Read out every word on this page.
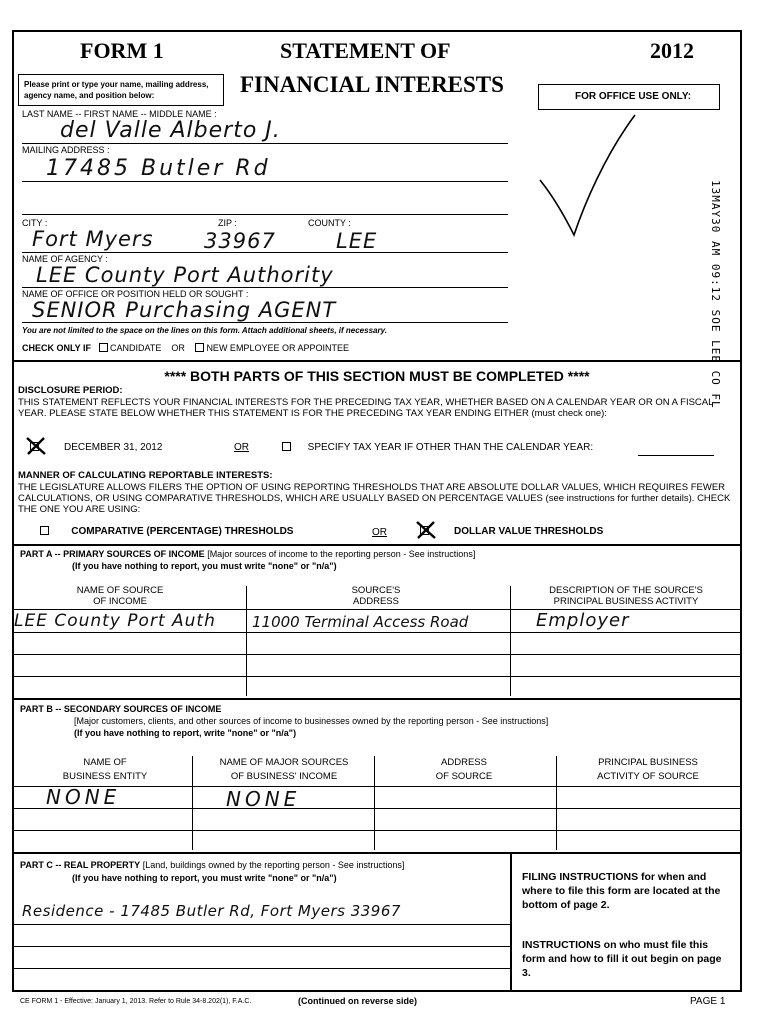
FORM 1	STATEMENT OF	2012
FINANCIAL INTERESTS
Please print or type your name, mailing address, agency name, and position below:	FOR OFFICE USE ONLY:
13MAY30 AM 09:12 SOE LEE CO FL
LAST NAME -- FIRST NAME -- MIDDLE NAME :
del Valle Alberto J.
MAILING ADDRESS :
17485 Butler Rd
CITY :	ZIP :	COUNTY :
Fort Myers 33967	LEE
NAME OF AGENCY :
LEE County Port Authority
NAME OF OFFICE OR POSITION HELD OR SOUGHT :
SENIOR Purchasing AGENT
You are not limited to the space on the lines on this form. Attach additional sheets, if necessary.
CHECK ONLY IF CANDIDATE OR NEW EMPLOYEE OR APPOINTEE
**** BOTH PARTS OF THIS SECTION MUST BE COMPLETED ****
DISCLOSURE PERIOD:
THIS STATEMENT REFLECTS YOUR FINANCIAL INTERESTS FOR THE PRECEDING TAX YEAR, WHETHER BASED ON A CALENDAR YEAR OR ON A FISCAL YEAR. PLEASE STATE BELOW WHETHER THIS STATEMENT IS FOR THE PRECEDING TAX YEAR ENDING EITHER (must check one):
DECEMBER 31, 2012	OR	SPECIFY TAX YEAR IF OTHER THAN THE CALENDAR YEAR:
MANNER OF CALCULATING REPORTABLE INTERESTS:
THE LEGISLATURE ALLOWS FILERS THE OPTION OF USING REPORTING THRESHOLDS THAT ARE ABSOLUTE DOLLAR VALUES, WHICH REQUIRES FEWER CALCULATIONS, OR USING COMPARATIVE THRESHOLDS, WHICH ARE USUALLY BASED ON PERCENTAGE VALUES (see instructions for further details). CHECK THE ONE YOU ARE USING:
COMPARATIVE (PERCENTAGE) THRESHOLDS	OR	DOLLAR VALUE THRESHOLDS
PART A -- PRIMARY SOURCES OF INCOME [Major sources of income to the reporting person - See instructions]
(If you have nothing to report, you must write "none" or "n/a")
NAME OF SOURCE
OF INCOME
SOURCE'S
ADDRESS
DESCRIPTION OF THE SOURCE'S
PRINCIPAL BUSINESS ACTIVITY
LEE County Port Auth 11000 Terminal Access Road	Employer
PART B -- SECONDARY SOURCES OF INCOME
[Major customers, clients, and other sources of income to businesses owned by the reporting person - See instructions]
(If you have nothing to report, write "none" or "n/a")
NAME OF
BUSINESS ENTITY
NAME OF MAJOR SOURCES
OF BUSINESS' INCOME
ADDRESS
OF SOURCE
PRINCIPAL BUSINESS
ACTIVITY OF SOURCE
NONE	NONE
PART C -- REAL PROPERTY [Land, buildings owned by the reporting person - See instructions]
(If you have nothing to report, you must write "none" or "n/a")
Residence - 17485 Butler Rd, Fort Myers 33967
FILING INSTRUCTIONS for when and where to file this form are located at the bottom of page 2.
INSTRUCTIONS on who must file this form and how to fill it out begin on page 3.
CE FORM 1 - Effective: January 1, 2013. Refer to Rule 34-8.202(1), F.A.C.	(Continued on reverse side)	PAGE 1
